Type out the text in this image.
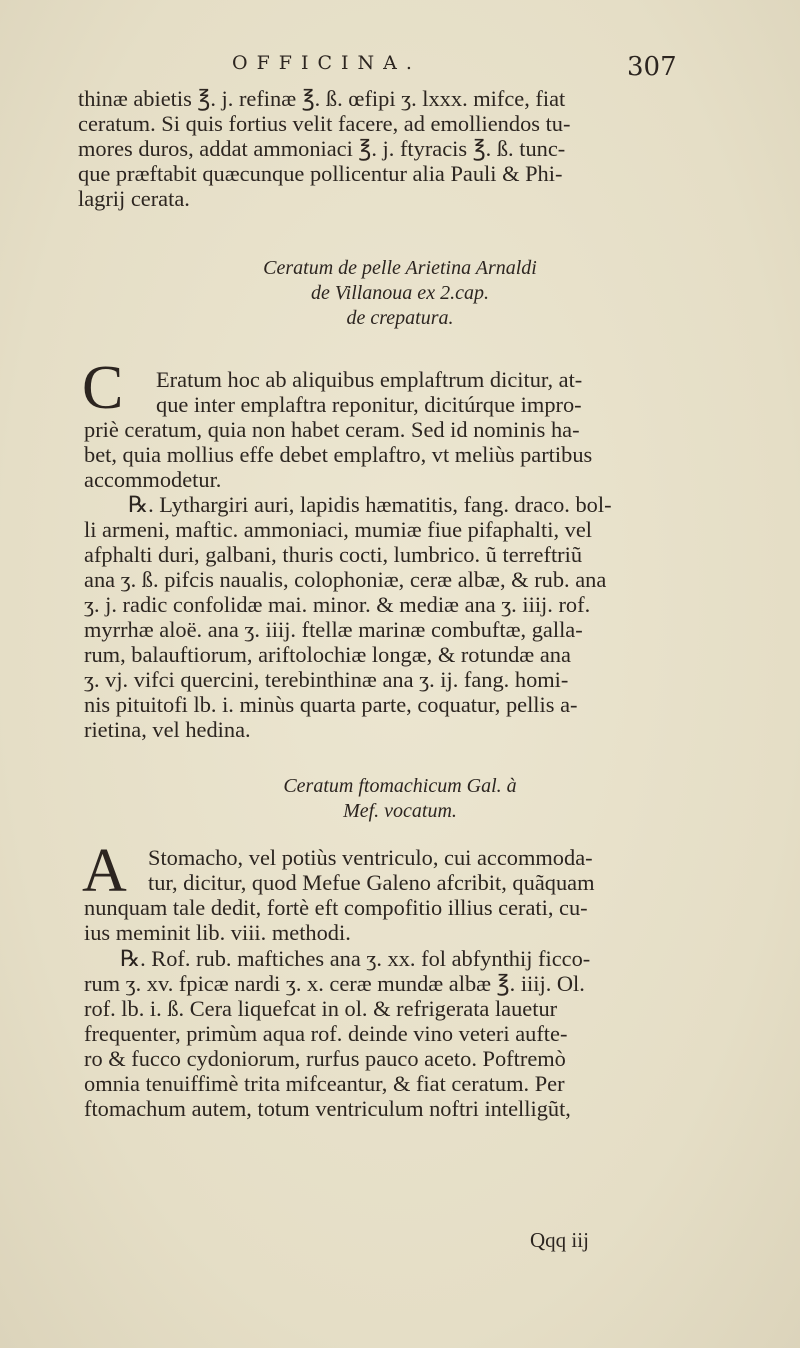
OFFICINA.	307

thinæ abietis ℥. j. refinæ ℥. ß. œfipi ʒ. lxxx. mifce, fiat

ceratum. Si quis fortius velit facere, ad emolliendos tu-

mores duros, addat ammoniaci ℥. j. ftyracis ℥. ß. tunc-

que præftabit quæcunque pollicentur alia Pauli & Phi-

lagrij cerata.

Ceratum de pelle Arietina Arnaldi

de Villanoua ex 2.cap.

de crepatura.

C	Eratum hoc ab aliquibus emplaftrum dicitur, at-

que inter emplaftra reponitur, dicitúrque impro-

priè ceratum, quia non habet ceram. Sed id nominis ha-

bet, quia mollius effe debet emplaftro, vt meliùs partibus

accommodetur.

℞. Lythargiri auri, lapidis hæmatitis, fang. draco. bol-

li armeni, maftic. ammoniaci, mumiæ fiue pifaphalti, vel

afphalti duri, galbani, thuris cocti, lumbrico. ũ terreftriũ

ana ʒ. ß. pifcis naualis, colophoniæ, ceræ albæ, & rub. ana

ʒ. j. radic confolidæ mai. minor. & mediæ ana ʒ. iiij. rof.

myrrhæ aloë. ana ʒ. iiij. ftellæ marinæ combuftæ, galla-

rum, balauftiorum, ariftolochiæ longæ, & rotundæ ana

ʒ. vj. vifci quercini, terebinthinæ ana ʒ. ij. fang. homi-

nis pituitofi lb. i. minùs quarta parte, coquatur, pellis a-

rietina, vel hedina.

Ceratum ftomachicum Gal. à

Mef. vocatum.

A Stomacho, vel potiùs ventriculo, cui accommoda-

tur, dicitur, quod Mefue Galeno afcribit, quãquam

nunquam tale dedit, fortè eft compofitio illius cerati, cu-

ius meminit lib. viii. methodi.

℞. Rof. rub. maftiches ana ʒ. xx. fol abfynthij ficco-

rum ʒ. xv. fpicæ nardi ʒ. x. ceræ mundæ albæ ℥. iiij. Ol.

rof. lb. i. ß. Cera liquefcat in ol. & refrigerata lauetur

frequenter, primùm aqua rof. deinde vino veteri aufte-

ro & fucco cydoniorum, rurfus pauco aceto. Poftremò

omnia tenuiffimè trita mifceantur, & fiat ceratum. Per

ftomachum autem, totum ventriculum noftri intelligũt,

Qqq iij
